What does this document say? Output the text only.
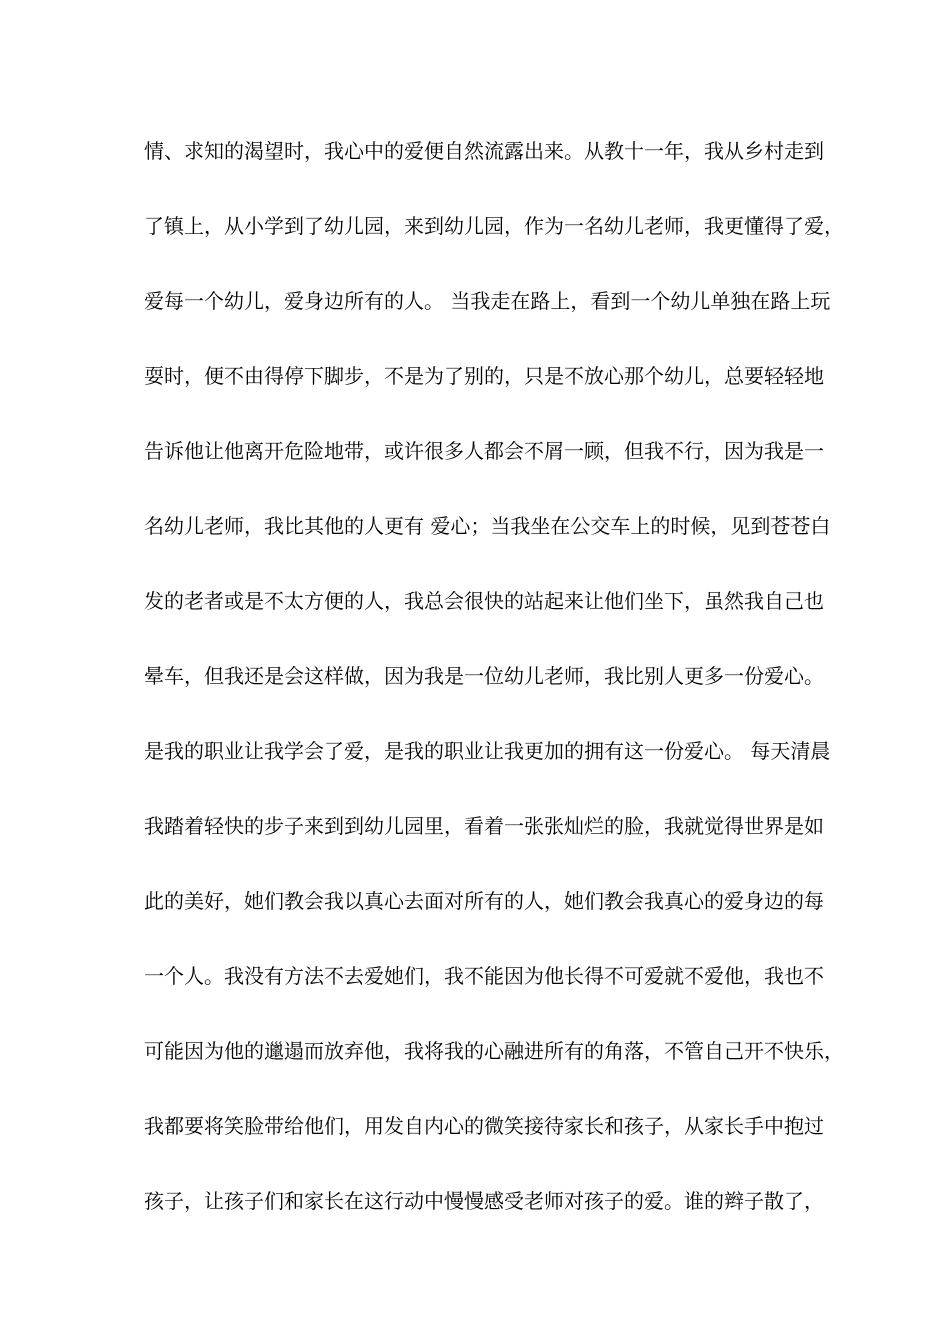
情、求知的渴望时，我心中的爱便自然流露出来。从教十一年，我从乡村走到
了镇上，从小学到了幼儿园，来到幼儿园，作为一名幼儿老师，我更懂得了爱，
爱每一个幼儿，爱身边所有的人。 当我走在路上，看到一个幼儿单独在路上玩
耍时，便不由得停下脚步，不是为了别的，只是不放心那个幼儿，总要轻轻地
告诉他让他离开危险地带，或许很多人都会不屑一顾，但我不行，因为我是一
名幼儿老师，我比其他的人更有 爱心；当我坐在公交车上的时候，见到苍苍白
发的老者或是不太方便的人，我总会很快的站起来让他们坐下，虽然我自己也
晕车，但我还是会这样做，因为我是一位幼儿老师，我比别人更多一份爱心。
是我的职业让我学会了爱，是我的职业让我更加的拥有这一份爱心。 每天清晨
我踏着轻快的步子来到到幼儿园里，看着一张张灿烂的脸，我就觉得世界是如
此的美好，她们教会我以真心去面对所有的人，她们教会我真心的爱身边的每
一个人。我没有方法不去爱她们，我不能因为他长得不可爱就不爱他，我也不
可能因为他的邋遢而放弃他，我将我的心融进所有的角落，不管自己开不快乐，
我都要将笑脸带给他们，用发自内心的微笑接待家长和孩子，从家长手中抱过
孩子，让孩子们和家长在这行动中慢慢感受老师对孩子的爱。谁的辫子散了，
